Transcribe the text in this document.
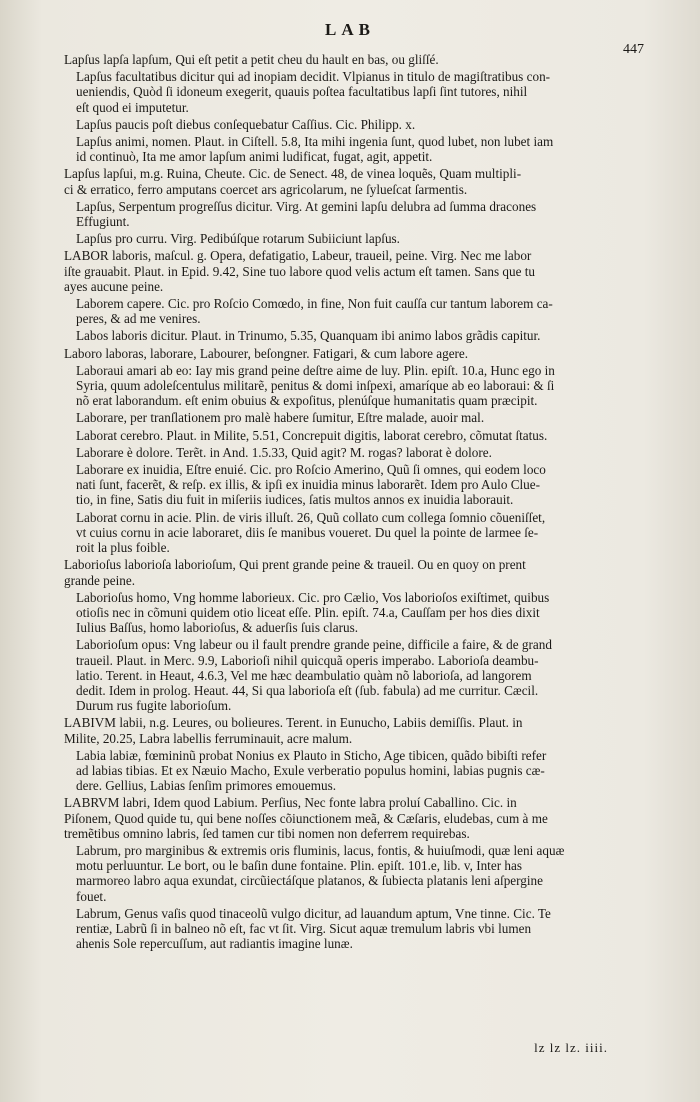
LAB
447
Lapſus lapſa lapſum, Qui eſt petit a petit cheu du hault en bas, ou gliſſé.
Lapſus facultatibus dicitur qui ad inopiam decidit. Vlpianus in titulo de magiſtratibus con-
ueniendis, Quòd ſi idoneum exegerit, quauis poſtea facultatibus lapſi ſint tutores, nihil
eſt quod ei imputetur.
Lapſus paucis poſt diebus conſequebatur Caſſius. Cic. Philipp. x.
Lapſus animi, nomen. Plaut. in Ciſtell. 5.8, Ita mihi ingenia ſunt, quod lubet, non lubet iam
id continuò, Ita me amor lapſum animi ludificat, fugat, agit, appetit.
Lapſus lapſui, m.g. Ruina, Cheute. Cic. de Senect. 48, de vinea loquẽs, Quam multipli-
ci & erratico, ferro amputans coercet ars agricolarum, ne ſylueſcat ſarmentis.
Lapſus, Serpentum progreſſus dicitur. Virg. At gemini lapſu delubra ad ſumma dracones
Effugiunt.
Lapſus pro curru. Virg. Pedibúſque rotarum Subiiciunt lapſus.
LABOR laboris, maſcul. g. Opera, defatigatio, Labeur, traueil, peine. Virg. Nec me labor
iſte grauabit. Plaut. in Epid. 9.42, Sine tuo labore quod velis actum eſt tamen. Sans que tu
ayes aucune peine.
Laborem capere. Cic. pro Roſcio Comœdo, in fine, Non fuit cauſſa cur tantum laborem ca-
peres, & ad me venires.
Labos laboris dicitur. Plaut. in Trinumo, 5.35, Quanquam ibi animo labos grãdis capitur.
Laboro laboras, laborare, Labourer, beſongner. Fatigari, & cum labore agere.
Laboraui amari ab eo: Iay mis grand peine deſtre aime de luy. Plin. epiſt. 10.a, Hunc ego in
Syria, quum adoleſcentulus militarẽ, penitus & domi inſpexi, amaríque ab eo laboraui: & ſi
nõ erat laborandum. eſt enim obuius & expoſitus, plenúſque humanitatis quam præcipit.
Laborare, per tranſlationem pro malè habere ſumitur, Eſtre malade, auoir mal.
Laborat cerebro. Plaut. in Milite, 5.51, Concrepuit digitis, laborat cerebro, cõmutat ſtatus.
Laborare è dolore. Terẽt. in And. 1.5.33, Quid agit? M. rogas? laborat è dolore.
Laborare ex inuidia, Eſtre enuié. Cic. pro Roſcio Amerino, Quũ ſi omnes, qui eodem loco
nati ſunt, facerẽt, & reſp. ex illis, & ipſi ex inuidia minus laborarẽt. Idem pro Aulo Clue-
tio, in fine, Satis diu fuit in miſeriis iudices, ſatis multos annos ex inuidia laborauit.
Laborat cornu in acie. Plin. de viris illuſt. 26, Quũ collato cum collega ſomnio cõueniſſet,
vt cuius cornu in acie laboraret, diis ſe manibus voueret. Du quel la pointe de larmee ſe-
roit la plus foible.
Laborioſus laborioſa laborioſum, Qui prent grande peine & traueil. Ou en quoy on prent
grande peine.
Laborioſus homo, Vng homme laborieux. Cic. pro Cælio, Vos laborioſos exiſtimet, quibus
otioſis nec in cõmuni quidem otio liceat eſſe. Plin. epiſt. 74.a, Cauſſam per hos dies dixit
Iulius Baſſus, homo laborioſus, & aduerſis ſuis clarus.
Laborioſum opus: Vng labeur ou il fault prendre grande peine, difficile a faire, & de grand
traueil. Plaut. in Merc. 9.9, Laborioſi nihil quicquã operis imperabo. Laborioſa deambu-
latio. Terent. in Heaut, 4.6.3, Vel me hæc deambulatio quàm nõ laborioſa, ad langorem
dedit. Idem in prolog. Heaut. 44, Si qua laborioſa eſt (ſub. fabula) ad me curritur. Cæcil.
Durum rus fugite laborioſum.
LABIVM labii, n.g. Leures, ou bolieures. Terent. in Eunucho, Labiis demiſſis. Plaut. in
Milite, 20.25, Labra labellis ferruminauit, acre malum.
Labia labiæ, fœmininũ probat Nonius ex Plauto in Sticho, Age tibicen, quãdo bibiſti refer
ad labias tibias. Et ex Næuio Macho, Exule verberatio populus homini, labias pugnis cæ-
dere. Gellius, Labias ſenſim primores emouemus.
LABRVM labri, Idem quod Labium. Perſius, Nec fonte labra proluí Caballino. Cic. in
Piſonem, Quod quide tu, qui bene noſſes cõiunctionem meã, & Cæſaris, eludebas, cum à me
tremẽtibus omnino labris, ſed tamen cur tibi nomen non deferrem requirebas.
Labrum, pro marginibus & extremis oris fluminis, lacus, fontis, & huiuſmodi, quæ leni aquæ
motu perluuntur. Le bort, ou le baſin dune fontaine. Plin. epiſt. 101.e, lib. v, Inter has
marmoreo labro aqua exundat, circũiectáſque platanos, & ſubiecta platanis leni aſpergine
fouet.
Labrum, Genus vaſis quod tinaceolũ vulgo dicitur, ad lauandum aptum, Vne tinne. Cic. Te
rentiæ, Labrũ ſi in balneo nõ eſt, fac vt ſit. Virg. Sicut aquæ tremulum labris vbi lumen
ahenis Sole repercuſſum, aut radiantis imagine lunæ.
lz lz lz. iiii.
